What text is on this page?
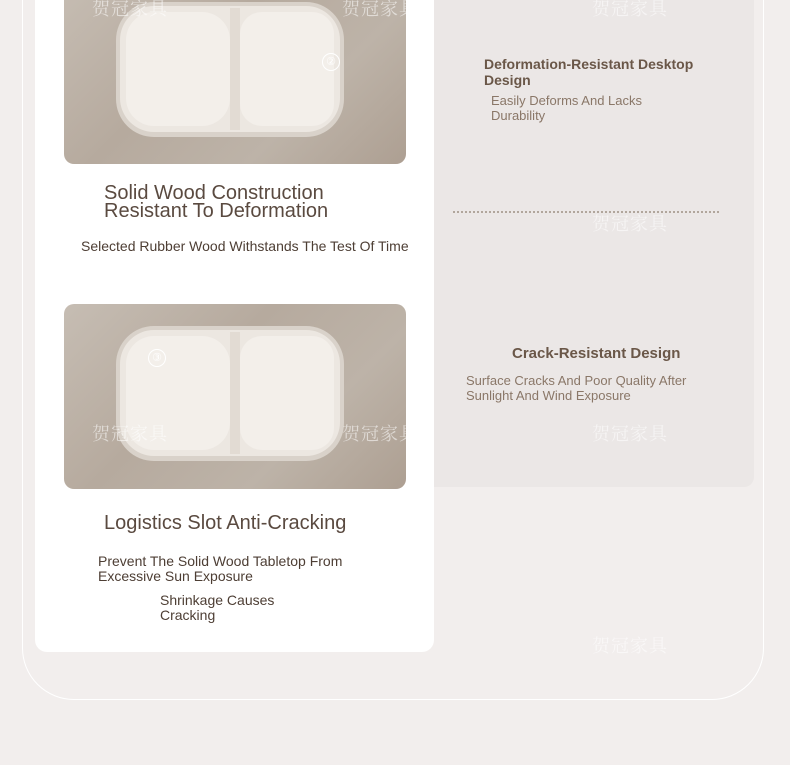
②
Solid Wood Construction
Resistant To Deformation
Selected Rubber Wood Withstands The Test Of Time
③
Logistics Slot Anti-Cracking
Prevent The Solid Wood Tabletop From
Excessive Sun Exposure
Shrinkage Causes
Cracking
Deformation-Resistant Desktop
Design
Easily Deforms And Lacks
Durability
Crack-Resistant Design
Surface Cracks And Poor Quality After
Sunlight And Wind Exposure
贺冠家具	贺冠家具	贺冠家具
贺冠家具
贺冠家具	贺冠家具	贺冠家具
贺冠家具
